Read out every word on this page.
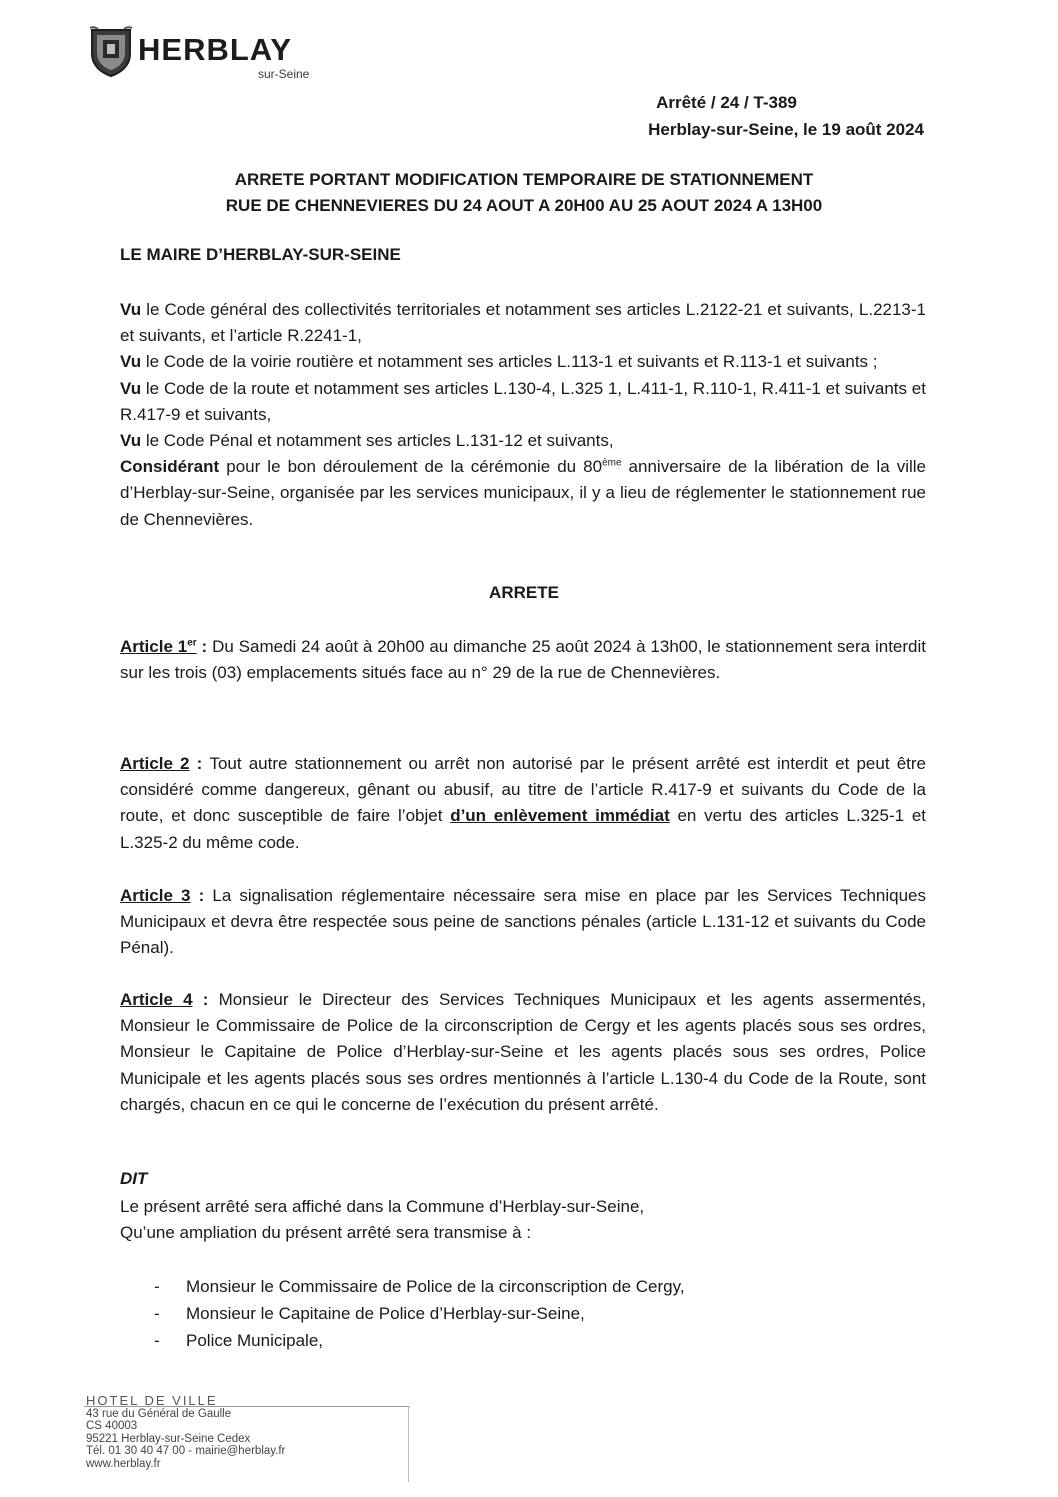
HERBLAY
sur-Seine
Arrêté / 24 / T-389
Herblay-sur-Seine, le 19 août 2024
ARRETE PORTANT MODIFICATION TEMPORAIRE DE STATIONNEMENT
RUE DE CHENNEVIERES DU 24 AOUT A 20H00 AU 25 AOUT 2024 A 13H00
LE MAIRE D’HERBLAY-SUR-SEINE

Vu le Code général des collectivités territoriales et notamment ses articles L.2122-21 et suivants, L.2213-1 et suivants, et l’article R.2241-1,

Vu le Code de la voirie routière et notamment ses articles L.113-1 et suivants et R.113-1 et suivants ;

Vu le Code de la route et notamment ses articles L.130-4, L.325 1, L.411-1, R.110-1, R.411-1 et suivants et R.417-9 et suivants,

Vu le Code Pénal et notamment ses articles L.131-12 et suivants,

Considérant pour le bon déroulement de la cérémonie du 80ème anniversaire de la libération de la ville d’Herblay-sur-Seine, organisée par les services municipaux, il y a lieu de réglementer le stationnement rue de Chennevières.

ARRETE

Article 1er : Du Samedi 24 août à 20h00 au dimanche 25 août 2024 à 13h00, le stationnement sera interdit sur les trois (03) emplacements situés face au n° 29 de la rue de Chennevières.

Article 2 : Tout autre stationnement ou arrêt non autorisé par le présent arrêté est interdit et peut être considéré comme dangereux, gênant ou abusif, au titre de l’article R.417-9 et suivants du Code de la route, et donc susceptible de faire l’objet d’un enlèvement immédiat en vertu des articles L.325-1 et L.325-2 du même code.

Article 3 : La signalisation réglementaire nécessaire sera mise en place par les Services Techniques Municipaux et devra être respectée sous peine de sanctions pénales (article L.131-12 et suivants du Code Pénal).

Article 4 : Monsieur le Directeur des Services Techniques Municipaux et les agents assermentés, Monsieur le Commissaire de Police de la circonscription de Cergy et les agents placés sous ses ordres, Monsieur le Capitaine de Police d’Herblay-sur-Seine et les agents placés sous ses ordres, Police Municipale et les agents placés sous ses ordres mentionnés à l’article L.130-4 du Code de la Route, sont chargés, chacun en ce qui le concerne de l’exécution du présent arrêté.

DIT

Le présent arrêté sera affiché dans la Commune d’Herblay-sur-Seine,

Qu’une ampliation du présent arrêté sera transmise à :

- Monsieur le Commissaire de Police de la circonscription de Cergy,
- Monsieur le Capitaine de Police d’Herblay-sur-Seine,
- Police Municipale,
HOTEL DE VILLE
43 rue du Général de Gaulle
CS 40003
95221 Herblay-sur-Seine Cedex
Tél. 01 30 40 47 00 - mairie@herblay.fr
www.herblay.fr
